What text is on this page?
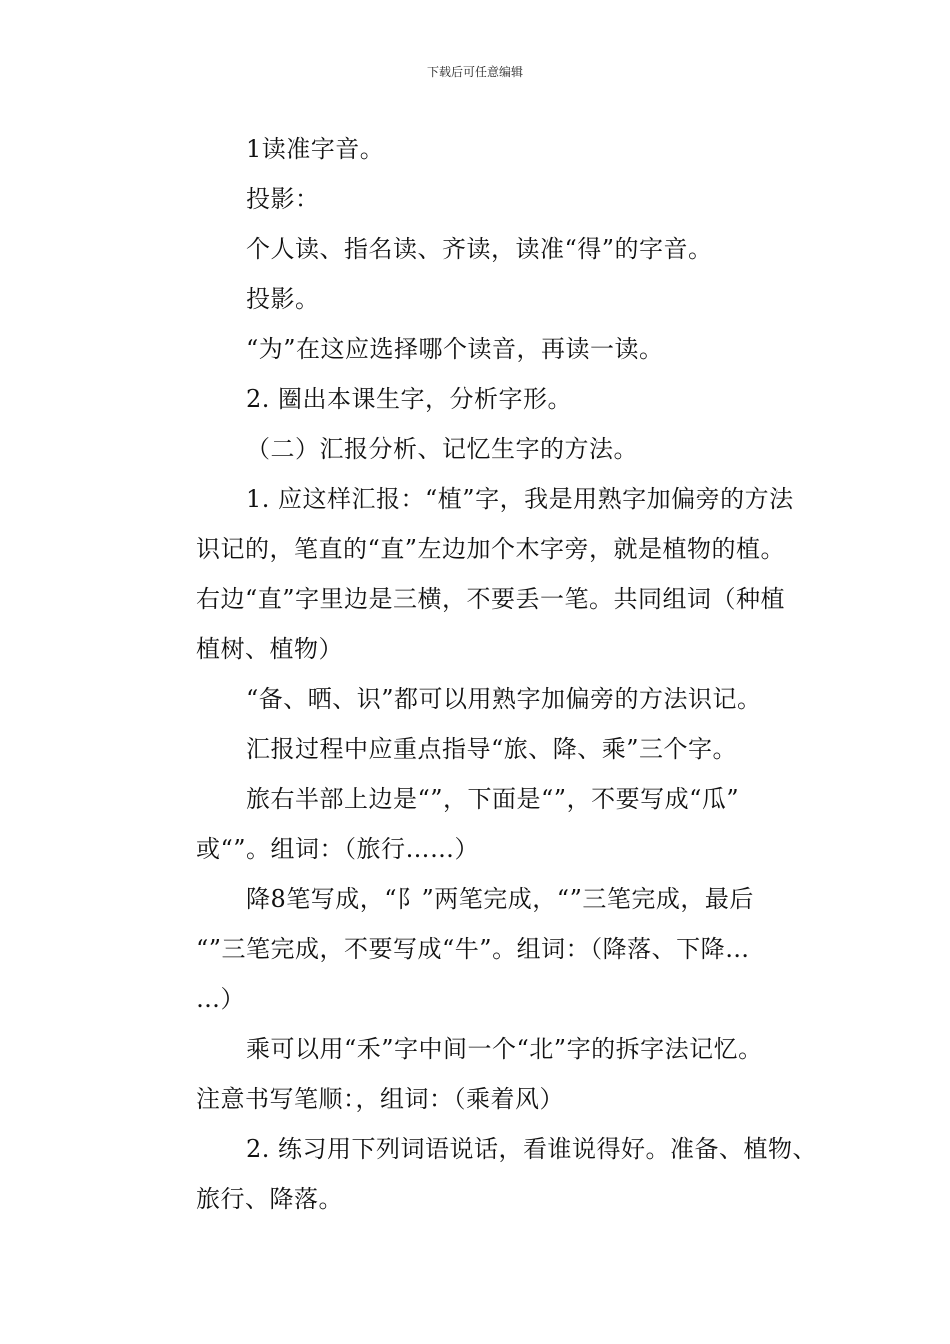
下载后可任意编辑
1读准字音。
投影：
个人读、指名读、齐读，读准“得”的字音。
投影。
“为”在这应选择哪个读音，再读一读。
2. 圈出本课生字，分析字形。
（二）汇报分析、记忆生字的方法。
1. 应这样汇报：“植”字，我是用熟字加偏旁的方法
识记的，笔直的“直”左边加个木字旁，就是植物的植。
右边“直”字里边是三横，不要丢一笔。共同组词（种植
植树、植物）
“备、晒、识”都可以用熟字加偏旁的方法识记。
汇报过程中应重点指导“旅、降、乘”三个字。
旅右半部上边是“”，下面是“”，不要写成“瓜”
或“”。组词：（旅行……）
降8笔写成，“阝”两笔完成，“”三笔完成，最后
“”三笔完成，不要写成“牛”。组词：（降落、下降…
…）
乘可以用“禾”字中间一个“北”字的拆字法记忆。
注意书写笔顺：，组词：（乘着风）
2. 练习用下列词语说话，看谁说得好。准备、植物、
旅行、降落。
